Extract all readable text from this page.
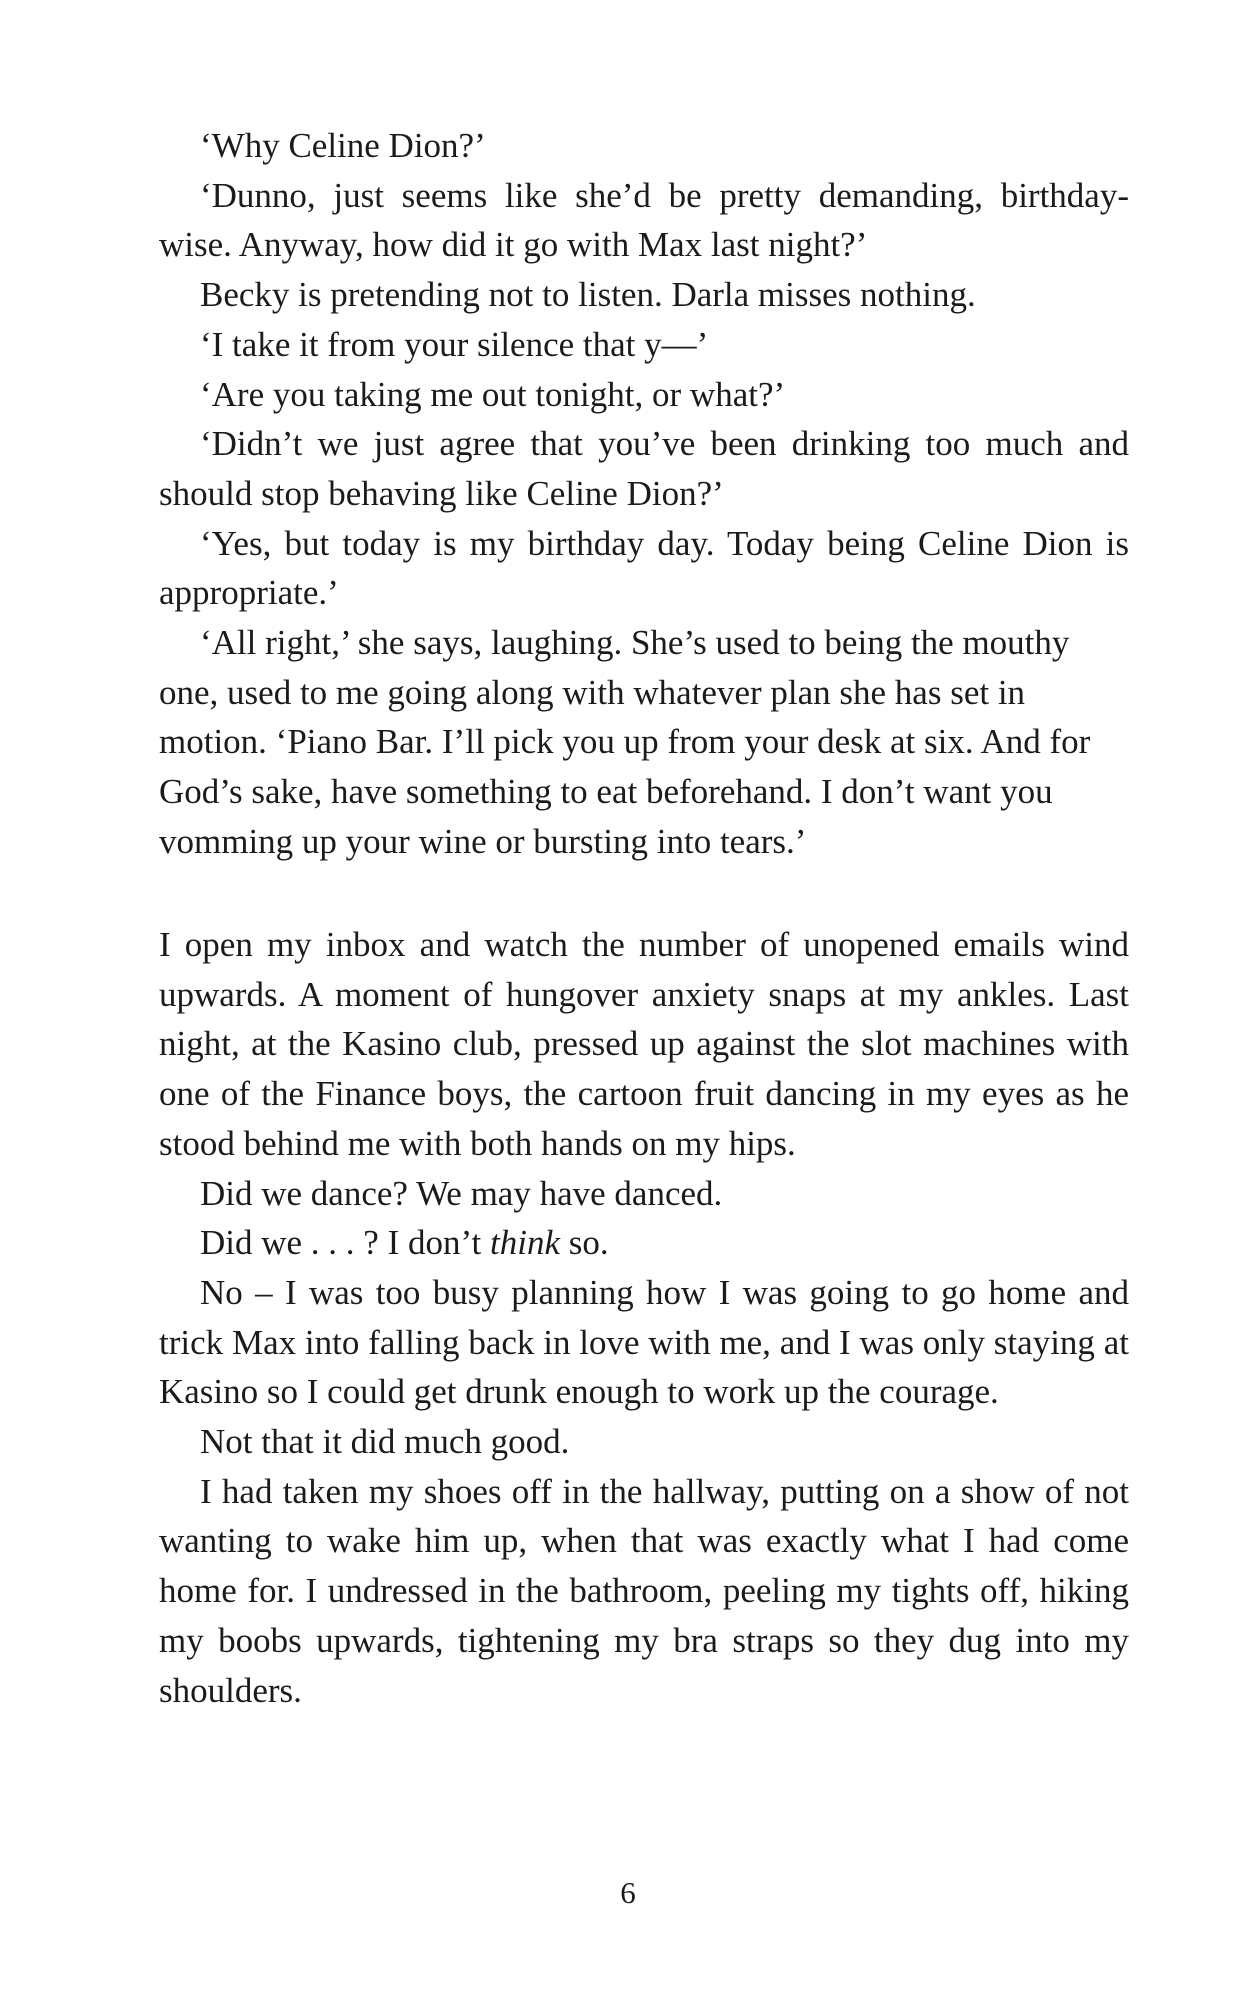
‘Why Celine Dion?’

‘Dunno, just seems like she’d be pretty demanding, birthday-wise. Anyway, how did it go with Max last night?’

Becky is pretending not to listen. Darla misses nothing.

‘I take it from your silence that y—’

‘Are you taking me out tonight, or what?’

‘Didn’t we just agree that you’ve been drinking too much and should stop behaving like Celine Dion?’

‘Yes, but today is my birthday day. Today being Celine Dion is appropriate.’

‘All right,’ she says, laughing. She’s used to being the mouthy one, used to me going along with whatever plan she has set in motion. ‘Piano Bar. I’ll pick you up from your desk at six. And for God’s sake, have something to eat beforehand. I don’t want you vomming up your wine or bursting into tears.’

I open my inbox and watch the number of unopened emails wind upwards. A moment of hungover anxiety snaps at my ankles. Last night, at the Kasino club, pressed up against the slot machines with one of the Finance boys, the cartoon fruit dancing in my eyes as he stood behind me with both hands on my hips.

Did we dance? We may have danced.

Did we . . . ? I don’t think so.

No – I was too busy planning how I was going to go home and trick Max into falling back in love with me, and I was only staying at Kasino so I could get drunk enough to work up the courage.

Not that it did much good.

I had taken my shoes off in the hallway, putting on a show of not wanting to wake him up, when that was exactly what I had come home for. I undressed in the bathroom, peeling my tights off, hiking my boobs upwards, tightening my bra straps so they dug into my shoulders.

6
